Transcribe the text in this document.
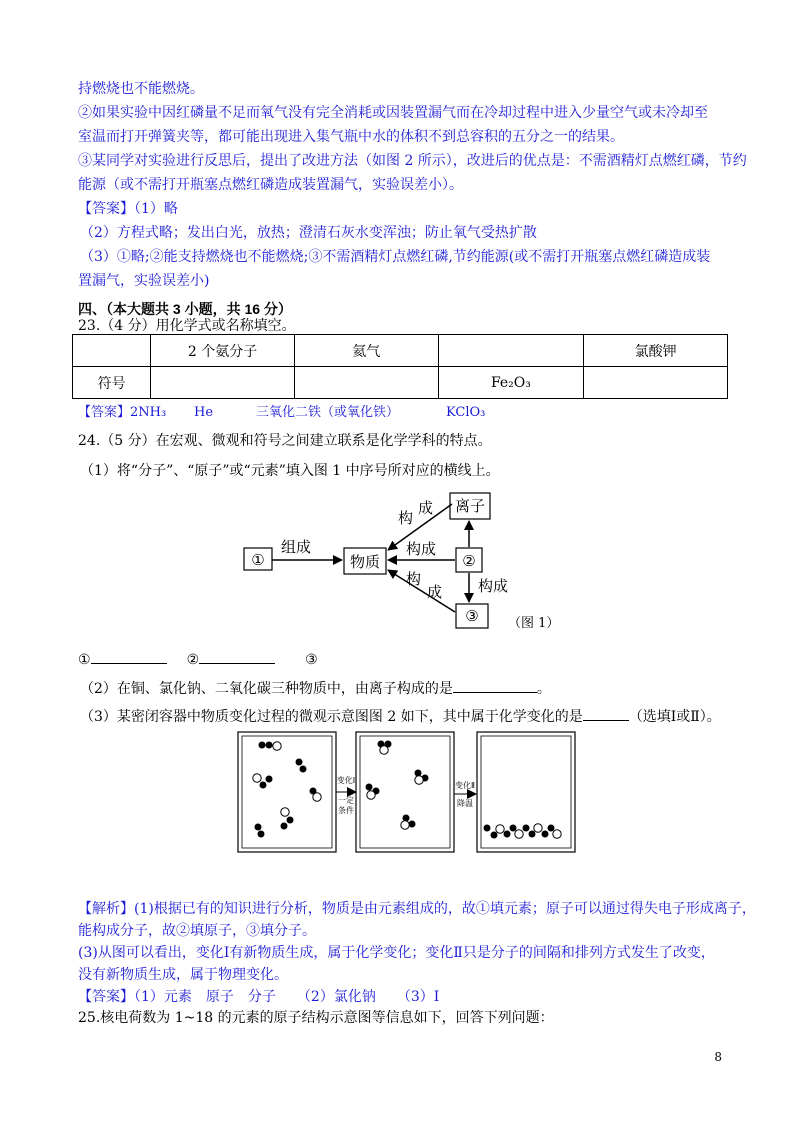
持燃烧也不能燃烧。
②如果实验中因红磷量不足而氧气没有完全消耗或因装置漏气而在冷却过程中进入少量空气或未冷却至
室温而打开弹簧夹等，都可能出现进入集气瓶中水的体积不到总容积的五分之一的结果。
③某同学对实验进行反思后，提出了改进方法（如图 2 所示），改进后的优点是：不需酒精灯点燃红磷，节约
能源（或不需打开瓶塞点燃红磷造成装置漏气，实验误差小）。
【答案】（1）略
（2）方程式略；发出白光，放热；澄清石灰水变浑浊；防止氧气受热扩散
（3）①略;②能支持燃烧也不能燃烧;③不需酒精灯点燃红磷,节约能源(或不需打开瓶塞点燃红磷造成装
置漏气，实验误差小)
四、（本大题共 3 小题，共 16 分）
23.（4 分）用化学式或名称填空。
	2 个氨分子	氦气		氯酸钾
符号			Fe₂O₃	
【答案】2NH₃ He	三氧化二铁（或氧化铁）	KClO₃
24.（5 分）在宏观、微观和符号之间建立联系是化学学科的特点。
（1）将“分子”、“原子”或“元素”填入图 1 中序号所对应的横线上。
①	物质	②
离子
③
组成
构
成
构成
构
成 构成
（图 1）
①	②	③
（2）在铜、氯化钠、二氧化碳三种物质中，由离子构成的是	。
（3）某密闭容器中物质变化过程的微观示意图图 2 如下，其中属于化学变化的是	（选填Ⅰ或Ⅱ）。
变化Ⅰ
一定
条件
变化Ⅱ
降温
【解析】(1)根据已有的知识进行分析，物质是由元素组成的，故①填元素；原子可以通过得失电子形成离子，
能构成分子，故②填原子，③填分子。
(3)从图可以看出，变化Ⅰ有新物质生成，属于化学变化；变化Ⅱ只是分子的间隔和排列方式发生了改变，
没有新物质生成，属于物理变化。
【答案】（1）元素　原子　分子　　（2）氯化钠　　（3）Ⅰ
25.核电荷数为 1~18 的元素的原子结构示意图等信息如下，回答下列问题：
8
